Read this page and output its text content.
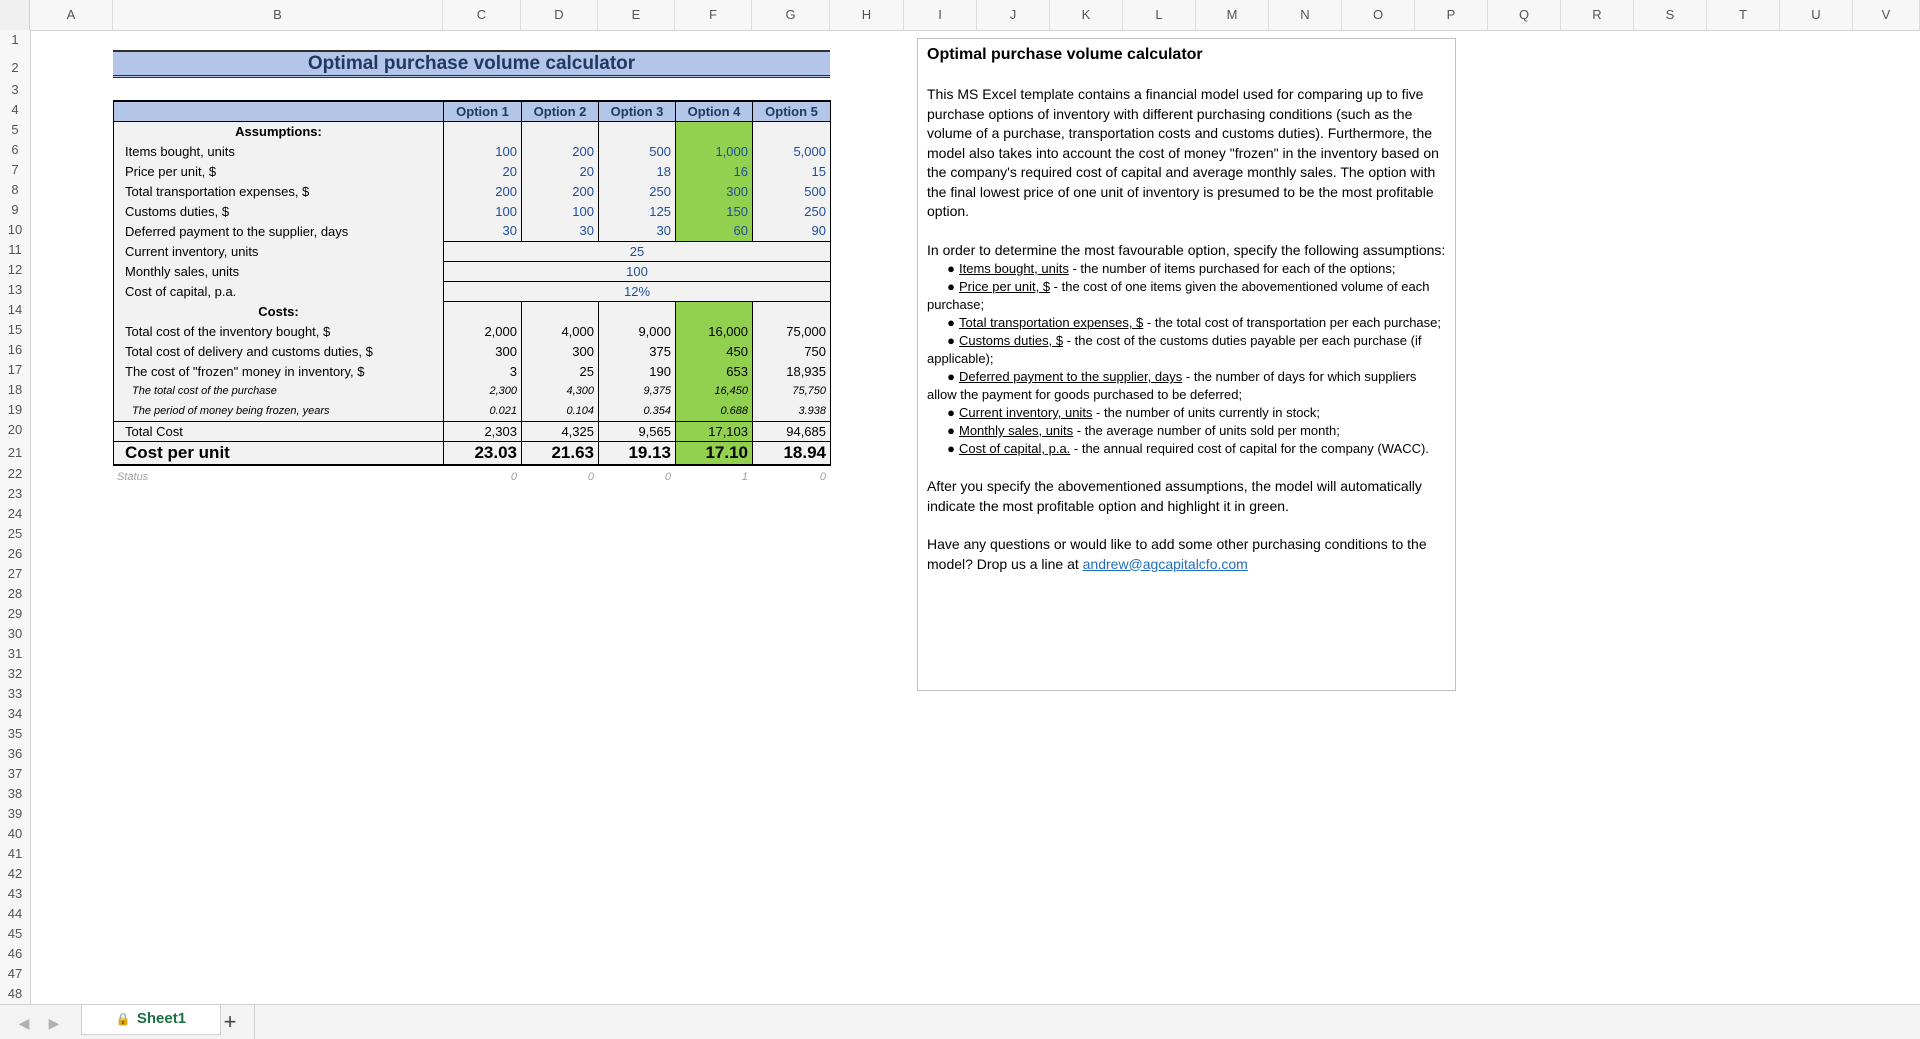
A	B	C	D	E	F	G	H	I	J	K	L	M	N	O	P	Q	R	S	T	U	V
1
2
3
4
5
6
7
8
9
10
11
12
13
14
15
16
17
18
19
20
21
22
23
24
25
26
27
28
29
30
31
32
33
34
35
36
37
38
39
40
41
42
43
44
45
46
47
48
Optimal purchase volume calculator
	Option 1	Option 2	Option 3	Option 4	Option 5
Assumptions:					
Items bought, units	100	200	500	1,000	5,000
Price per unit, $	20	20	18	16	15
Total transportation expenses, $	200	200	250	300	500
Customs duties, $	100	100	125	150	250
Deferred payment to the supplier, days	30	30	30	60	90
Current inventory, units	25				
Monthly sales, units	100				
Cost of capital, p.a.	12%				
Costs:					
Total cost of the inventory bought, $	2,000	4,000	9,000	16,000	75,000
Total cost of delivery and customs duties, $	300	300	375	450	750
The cost of "frozen" money in inventory, $	3	25	190	653	18,935
The total cost of the purchase	2,300	4,300	9,375	16,450	75,750
The period of money being frozen, years	0.021	0.104	0.354	0.688	3.938
Total Cost	2,303	4,325	9,565	17,103	94,685
Cost per unit	23.03	21.63	19.13	17.10	18.94
Status	0	0	0	1	0
Optimal purchase volume calculator

This MS Excel template contains a financial model used for comparing up to five purchase options of inventory with different purchasing conditions (such as the volume of a purchase, transportation costs and customs duties). Furthermore, the model also takes into account the cost of money "frozen" in the inventory based on the company's required cost of capital and average monthly sales. The option with the final lowest price of one unit of inventory is presumed to be the most profitable option.

In order to determine the most favourable option, specify the following assumptions:

● Items bought, units - the number of items purchased for each of the options;
● Price per unit, $ - the cost of one items given the abovementioned volume of each purchase;
● Total transportation expenses, $ - the total cost of transportation per each purchase;
● Customs duties, $ - the cost of the customs duties payable per each purchase (if applicable);
● Deferred payment to the supplier, days - the number of days for which suppliers allow the payment for goods purchased to be deferred;
● Current inventory, units - the number of units currently in stock;
● Monthly sales, units - the average number of units sold per month;
● Cost of capital, p.a. - the annual required cost of capital for the company (WACC).

After you specify the abovementioned assumptions, the model will automatically indicate the most profitable option and highlight it in green.

Have any questions or would like to add some other purchasing conditions to the model? Drop us a line at andrew@agcapitalcfo.com

◀	▶	🔒 Sheet1	+
